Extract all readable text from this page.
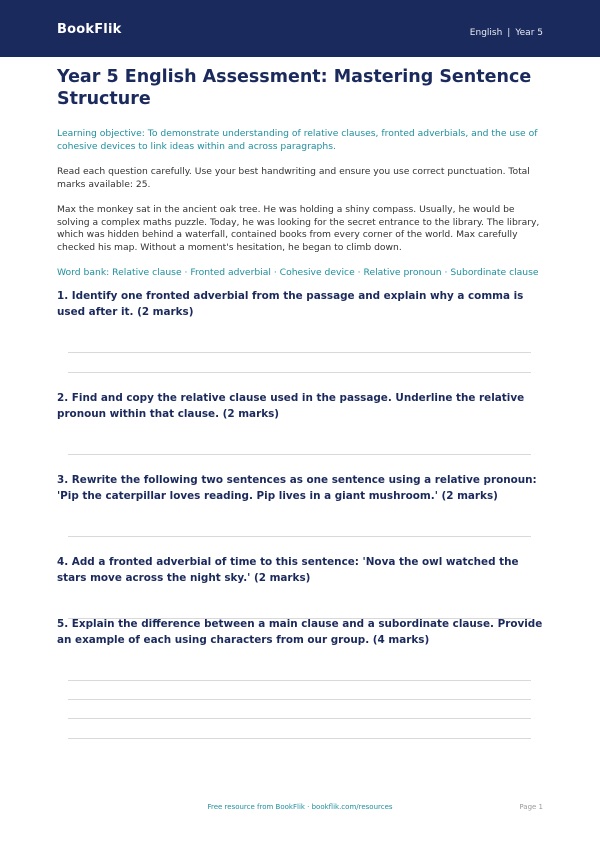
BookFlik	English | Year 5
Year 5 English Assessment: Mastering Sentence Structure
Learning objective: To demonstrate understanding of relative clauses, fronted adverbials, and the use of cohesive devices to link ideas within and across paragraphs.
Read each question carefully. Use your best handwriting and ensure you use correct punctuation. Total marks available: 25.
Max the monkey sat in the ancient oak tree. He was holding a shiny compass. Usually, he would be solving a complex maths puzzle. Today, he was looking for the secret entrance to the library. The library, which was hidden behind a waterfall, contained books from every corner of the world. Max carefully checked his map. Without a moment's hesitation, he began to climb down.
Word bank: Relative clause · Fronted adverbial · Cohesive device · Relative pronoun · Subordinate clause
1. Identify one fronted adverbial from the passage and explain why a comma is used after it. (2 marks)
2. Find and copy the relative clause used in the passage. Underline the relative pronoun within that clause. (2 marks)
3. Rewrite the following two sentences as one sentence using a relative pronoun: 'Pip the caterpillar loves reading. Pip lives in a giant mushroom.' (2 marks)
4. Add a fronted adverbial of time to this sentence: 'Nova the owl watched the stars move across the night sky.' (2 marks)
5. Explain the difference between a main clause and a subordinate clause. Provide an example of each using characters from our group. (4 marks)
Free resource from BookFlik · bookflik.com/resources	Page 1
